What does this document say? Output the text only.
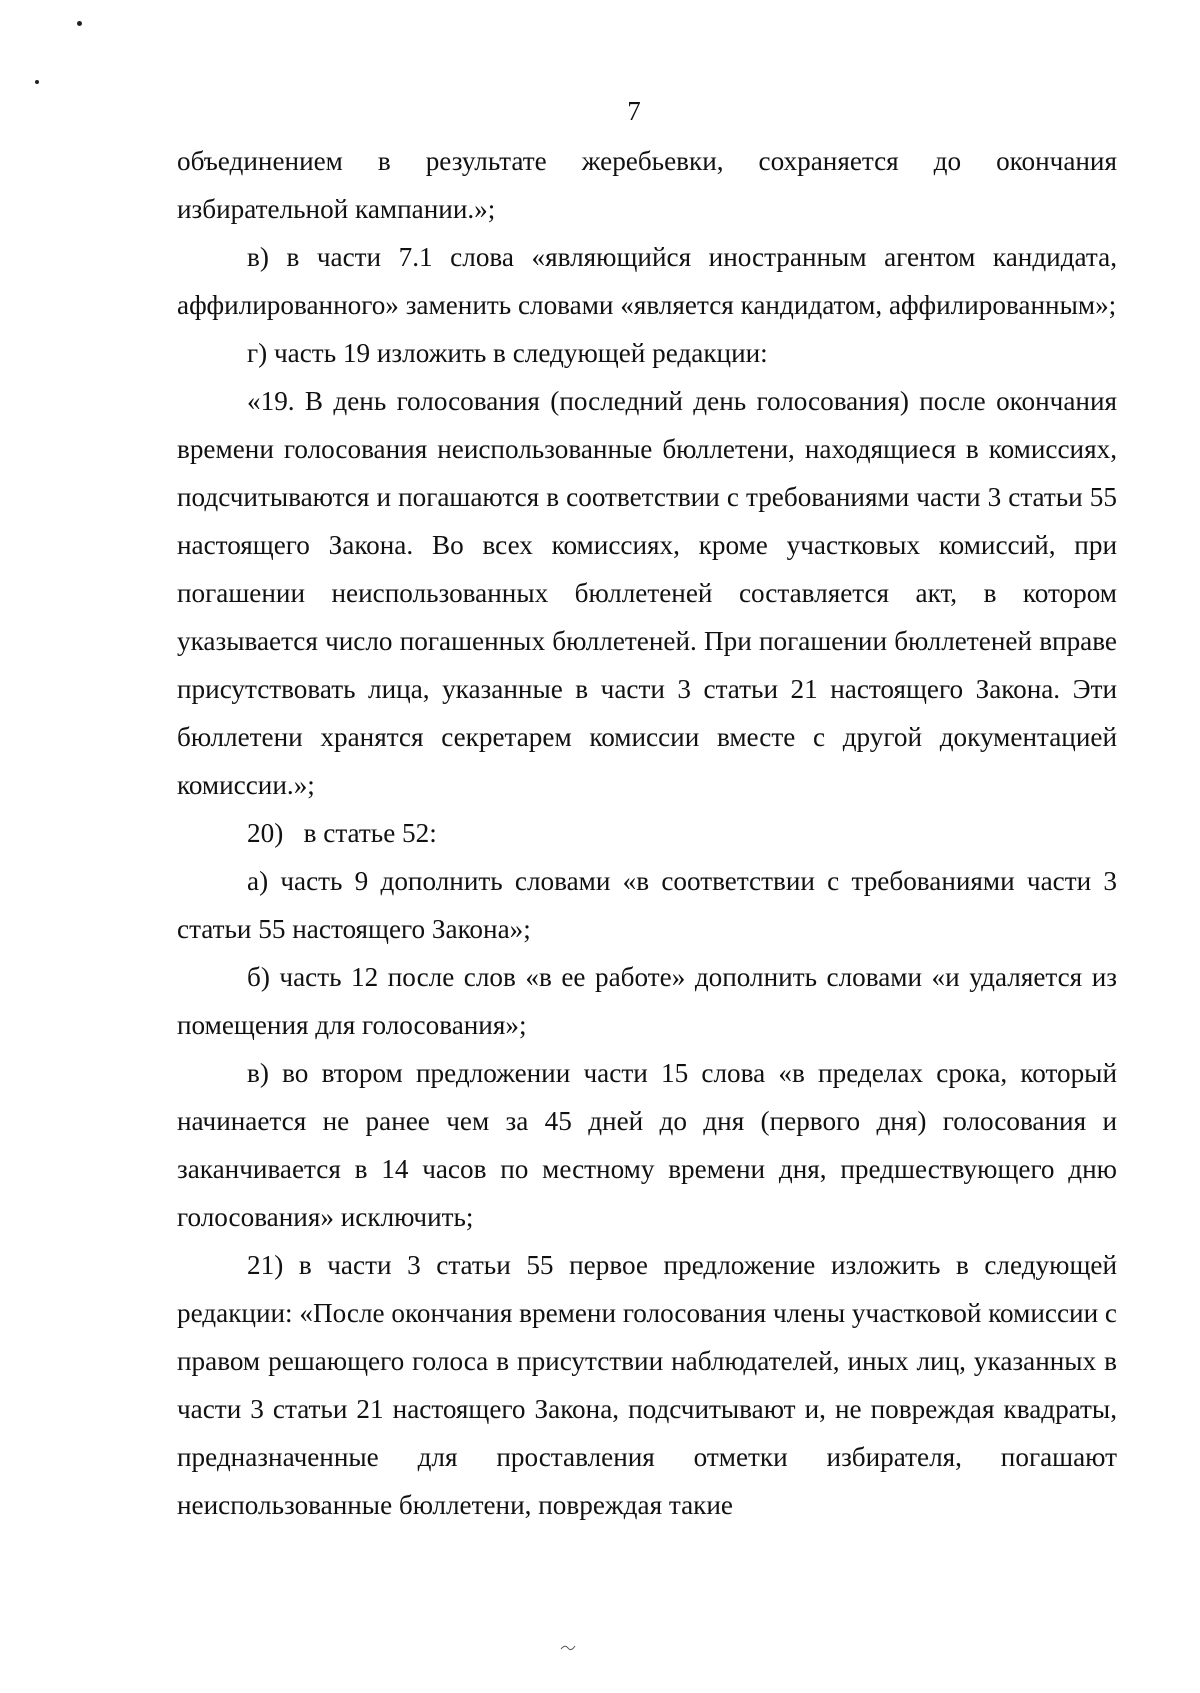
7

объединением в результате жеребьевки, сохраняется до окончания избирательной кампании.»;

в) в части 7.1 слова «являющийся иностранным агентом кандидата, аффилированного» заменить словами «является кандидатом, аффилированным»;

г) часть 19 изложить в следующей редакции:

«19. В день голосования (последний день голосования) после окончания времени голосования неиспользованные бюллетени, находящиеся в комиссиях, подсчитываются и погашаются в соответствии с требованиями части 3 статьи 55 настоящего Закона. Во всех комиссиях, кроме участковых комиссий, при погашении неиспользованных бюллетеней составляется акт, в котором указывается число погашенных бюллетеней. При погашении бюллетеней вправе присутствовать лица, указанные в части 3 статьи 21 настоящего Закона. Эти бюллетени хранятся секретарем комиссии вместе с другой документацией комиссии.»;

20)   в статье 52:

а) часть 9 дополнить словами «в соответствии с требованиями части 3 статьи 55 настоящего Закона»;

б) часть 12 после слов «в ее работе» дополнить словами «и удаляется из помещения для голосования»;

в) во втором предложении части 15 слова «в пределах срока, который начинается не ранее чем за 45 дней до дня (первого дня) голосования и заканчивается в 14 часов по местному времени дня, предшествующего дню голосования» исключить;

21) в части 3 статьи 55 первое предложение изложить в следующей редакции: «После окончания времени голосования члены участковой комиссии с правом решающего голоса в присутствии наблюдателей, иных лиц, указанных в части 3 статьи 21 настоящего Закона, подсчитывают и, не повреждая квадраты, предназначенные для проставления отметки избирателя, погашают неиспользованные бюллетени, повреждая такие
